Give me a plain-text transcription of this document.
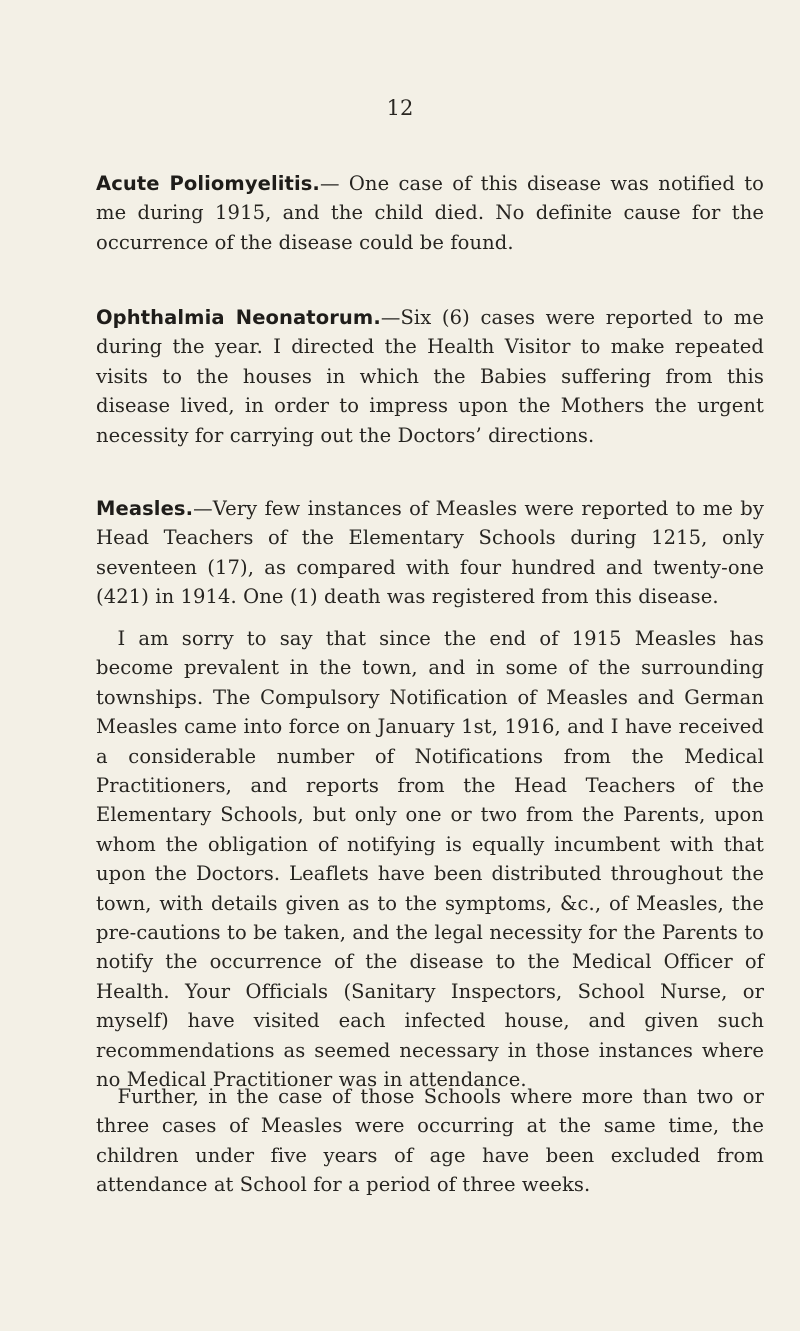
12

Acute Poliomyelitis.— One case of this disease was notified to me during 1915, and the child died. No definite cause for the occurrence of the disease could be found.

Ophthalmia Neonatorum.—Six (6) cases were reported to me during the year. I directed the Health Visitor to make repeated visits to the houses in which the Babies suffering from this disease lived, in order to impress upon the Mothers the urgent necessity for carrying out the Doctors’ directions.

Measles.—Very few instances of Measles were reported to me by Head Teachers of the Elementary Schools during 1215, only seventeen (17), as compared with four hundred and twenty-one (421) in 1914. One (1) death was registered from this disease.

I am sorry to say that since the end of 1915 Measles has become prevalent in the town, and in some of the surrounding townships. The Compulsory Notification of Measles and German Measles came into force on January 1st, 1916, and I have received a considerable number of Notifications from the Medical Practitioners, and reports from the Head Teachers of the Elementary Schools, but only one or two from the Parents, upon whom the obligation of notifying is equally incumbent with that upon the Doctors. Leaflets have been distributed throughout the town, with details given as to the symptoms, &c., of Measles, the pre-cautions to be taken, and the legal necessity for the Parents to notify the occurrence of the disease to the Medical Officer of Health. Your Officials (Sanitary Inspectors, School Nurse, or myself) have visited each infected house, and given such recommendations as seemed necessary in those instances where no Medical Practitioner was in attendance.

Further, in the case of those Schools where more than two or three cases of Measles were occurring at the same time, the children under five years of age have been excluded from attendance at School for a period of three weeks.
